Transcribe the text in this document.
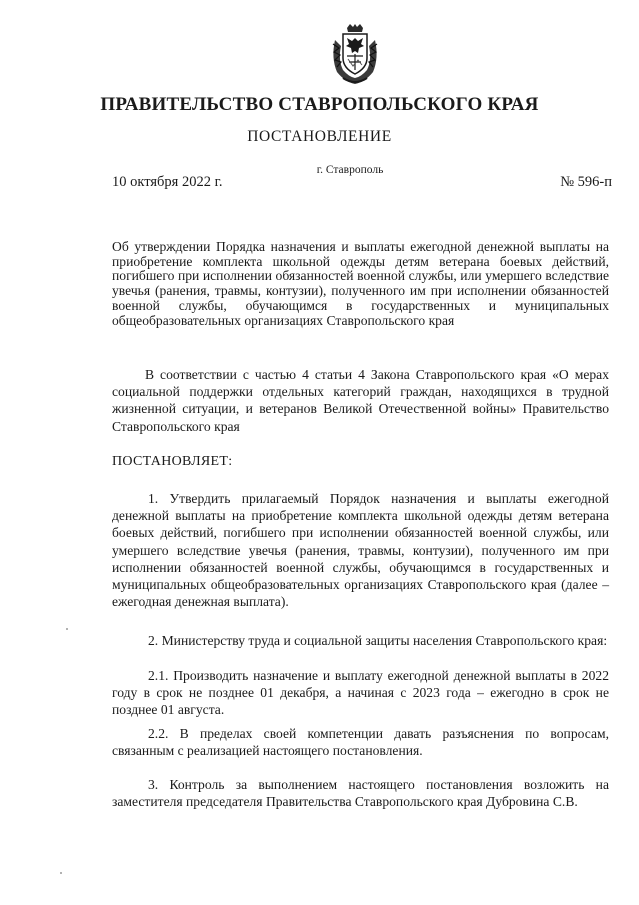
ПРАВИТЕЛЬСТВО СТАВРОПОЛЬСКОГО КРАЯ
ПОСТАНОВЛЕНИЕ
г. Ставрополь
10 октября 2022 г.	№ 596-п
Об утверждении Порядка назначения и выплаты ежегодной денежной выплаты на приобретение комплекта школьной одежды детям ветерана боевых действий, погибшего при исполнении обязанностей военной службы, или умершего вследствие увечья (ранения, травмы, контузии), полученного им при исполнении обязанностей военной службы, обучающимся в государственных и муниципальных общеобразовательных организациях Ставропольского края
В соответствии с частью 4 статьи 4 Закона Ставропольского края «О мерах социальной поддержки отдельных категорий граждан, находящихся в трудной жизненной ситуации, и ветеранов Великой Отечественной войны» Правительство Ставропольского края
ПОСТАНОВЛЯЕТ:
1. Утвердить прилагаемый Порядок назначения и выплаты ежегодной денежной выплаты на приобретение комплекта школьной одежды детям ветерана боевых действий, погибшего при исполнении обязанностей военной службы, или умершего вследствие увечья (ранения, травмы, контузии), полученного им при исполнении обязанностей военной службы, обучающимся в государственных и муниципальных общеобразовательных организациях Ставропольского края (далее – ежегодная денежная выплата).
2. Министерству труда и социальной защиты населения Ставропольского края:
2.1. Производить назначение и выплату ежегодной денежной выплаты в 2022 году в срок не позднее 01 декабря, а начиная с 2023 года – ежегодно в срок не позднее 01 августа.
2.2. В пределах своей компетенции давать разъяснения по вопросам, связанным с реализацией настоящего постановления.
3. Контроль за выполнением настоящего постановления возложить на заместителя председателя Правительства Ставропольского края Дубровина С.В.
